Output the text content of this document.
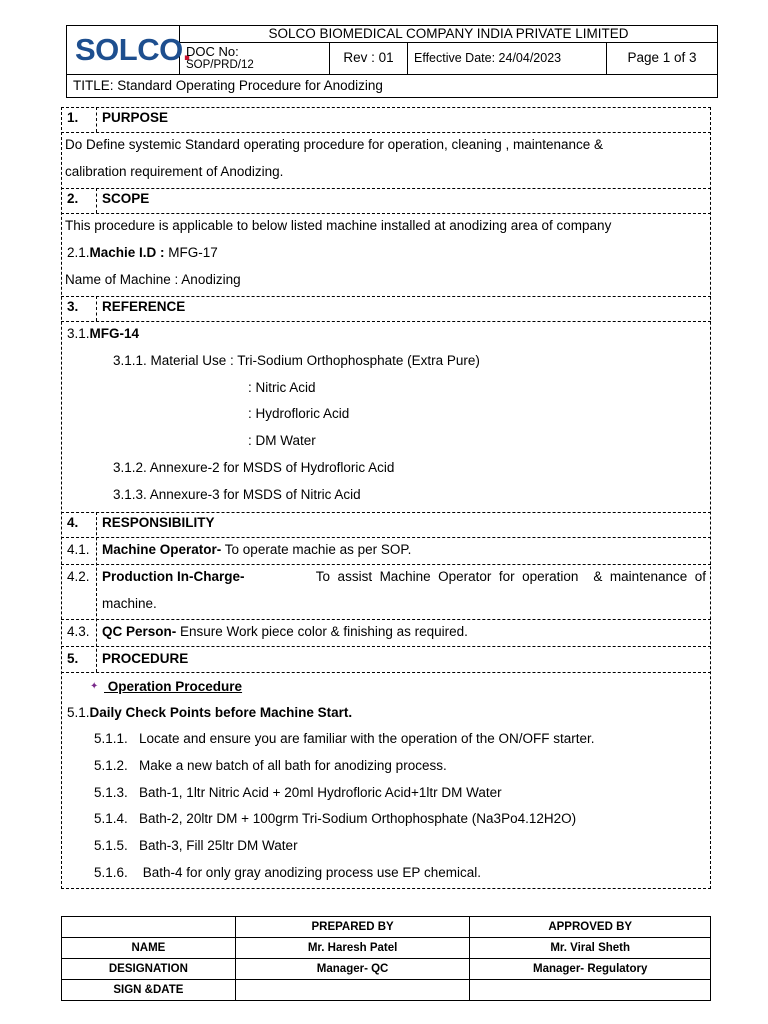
SOLCO.	SOLCO BIOMEDICAL COMPANY INDIA PRIVATE LIMITED
DOC No:
SOP/PRD/12	Rev : 01	Effective Date: 24/04/2023	Page 1 of 3
TITLE: Standard Operating Procedure for Anodizing
1. PURPOSE
Do Define systemic Standard operating procedure for operation, cleaning , maintenance &
calibration requirement of Anodizing.
2. SCOPE
This procedure is applicable to below listed machine installed at anodizing area of company
2.1.Machie I.D : MFG-17
Name of Machine : Anodizing
3. REFERENCE
3.1.MFG-14
3.1.1. Material Use : Tri-Sodium Orthophosphate (Extra Pure)
: Nitric Acid
: Hydrofloric Acid
: DM Water
3.1.2. Annexure-2 for MSDS of Hydrofloric Acid
3.1.3. Annexure-3 for MSDS of Nitric Acid
4. RESPONSIBILITY
4.1. Machine Operator- To operate machie as per SOP.
4.2. Production In-Charge-	To  assist  Machine  Operator  for  operation    &  maintenance  of
machine.
4.3. QC Person- Ensure Work piece color & finishing as required.
5. PROCEDURE
✦ Operation Procedure
5.1.Daily Check Points before Machine Start.
5.1.1.   Locate and ensure you are familiar with the operation of the ON/OFF starter.
5.1.2.   Make a new batch of all bath for anodizing process.
5.1.3.   Bath-1, 1ltr Nitric Acid + 20ml Hydrofloric Acid+1ltr DM Water
5.1.4.   Bath-2, 20ltr DM + 100grm Tri-Sodium Orthophosphate (Na3Po4.12H2O)
5.1.5.   Bath-3, Fill 25ltr DM Water
5.1.6.    Bath-4 for only gray anodizing process use EP chemical.
	PREPARED BY	APPROVED BY
NAME	Mr. Haresh Patel	Mr. Viral Sheth
DESIGNATION	Manager- QC	Manager- Regulatory
SIGN &DATE		
